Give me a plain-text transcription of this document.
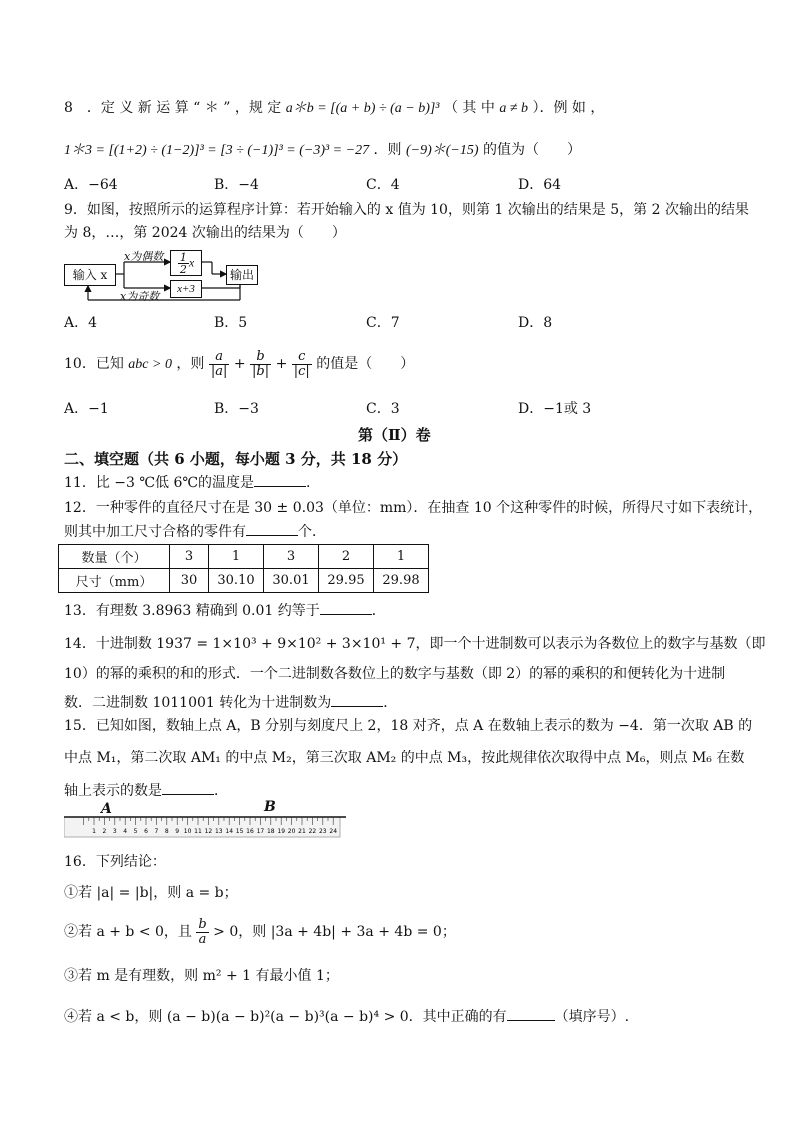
8　．定 义 新 运 算 “ ＊ ” ，规 定 a＊b = [(a + b) ÷ (a − b)]³ （ 其 中 a ≠ b ）．例 如 ，
1＊3 = [(1+2) ÷ (1−2)]³ = [3 ÷ (−1)]³ = (−3)³ = −27 ．则 (−9)＊(−15) 的值为（　　）
A．−64	B．−4	C．4	D．64
9．如图，按照所示的运算程序计算：若开始输入的 x 值为 10，则第 1 次输出的结果是 5，第 2 次输出的结果
为 8，…，第 2024 次输出的结果为（　　）
输入 x
x为偶数
x为奇数
$\frac{1}{2}$ x
x+3
输出
A．4	B．5	C．7	D．8
10．已知 abc > 0 ，则 $\frac{a}{|a|} + \frac{b}{|b|} + \frac{c}{|c|}$ 的值是（　　）
A．−1	B．−3	C．3	D．−1或 3
第（Ⅱ）卷
二、填空题（共 6 小题，每小题 3 分，共 18 分）
11．比 −3 ℃低 6℃的温度是	.
12．一种零件的直径尺寸在是 30 ± 0.03（单位：mm）．在抽查 10 个这种零件的时候，所得尺寸如下表统计，
则其中加工尺寸合格的零件有	个．
数量（个）	3	1	3	2	1
尺寸（mm）	30	30.10	30.01	29.95	29.98
13．有理数 3.8963 精确到 0.01 约等于	．
14．十进制数 1937 = 1×10³ + 9×10² + 3×10¹ + 7，即一个十进制数可以表示为各数位上的数字与基数（即
10）的幂的乘积的和的形式．一个二进制数各数位上的数字与基数（即 2）的幂的乘积的和便转化为十进制
数．二进制数 1011001 转化为十进制数为	．
15．已知如图，数轴上点 A，B 分别与刻度尺上 2，18 对齐，点 A 在数轴上表示的数为 −4．第一次取 AB 的
中点 M₁，第二次取 AM₁ 的中点 M₂，第三次取 AM₂ 的中点 M₃，按此规律依次取得中点 M₆，则点 M₆ 在数
轴上表示的数是	．
1 2 3 4 5 6 7 8 9 10 11 12 13 14 15 16 17 18 19 20 21 22 23 24
A	B
16．下列结论：
①若 |a| = |b|，则 a = b；
②若 a + b < 0，且 $\frac{b}{a} > 0$，则 |3a + 4b| + 3a + 4b = 0；
③若 m 是有理数，则 m² + 1 有最小值 1；
④若 a < b，则 (a − b)(a − b)²(a − b)³(a − b)⁴ > 0．其中正确的有	（填序号）.
